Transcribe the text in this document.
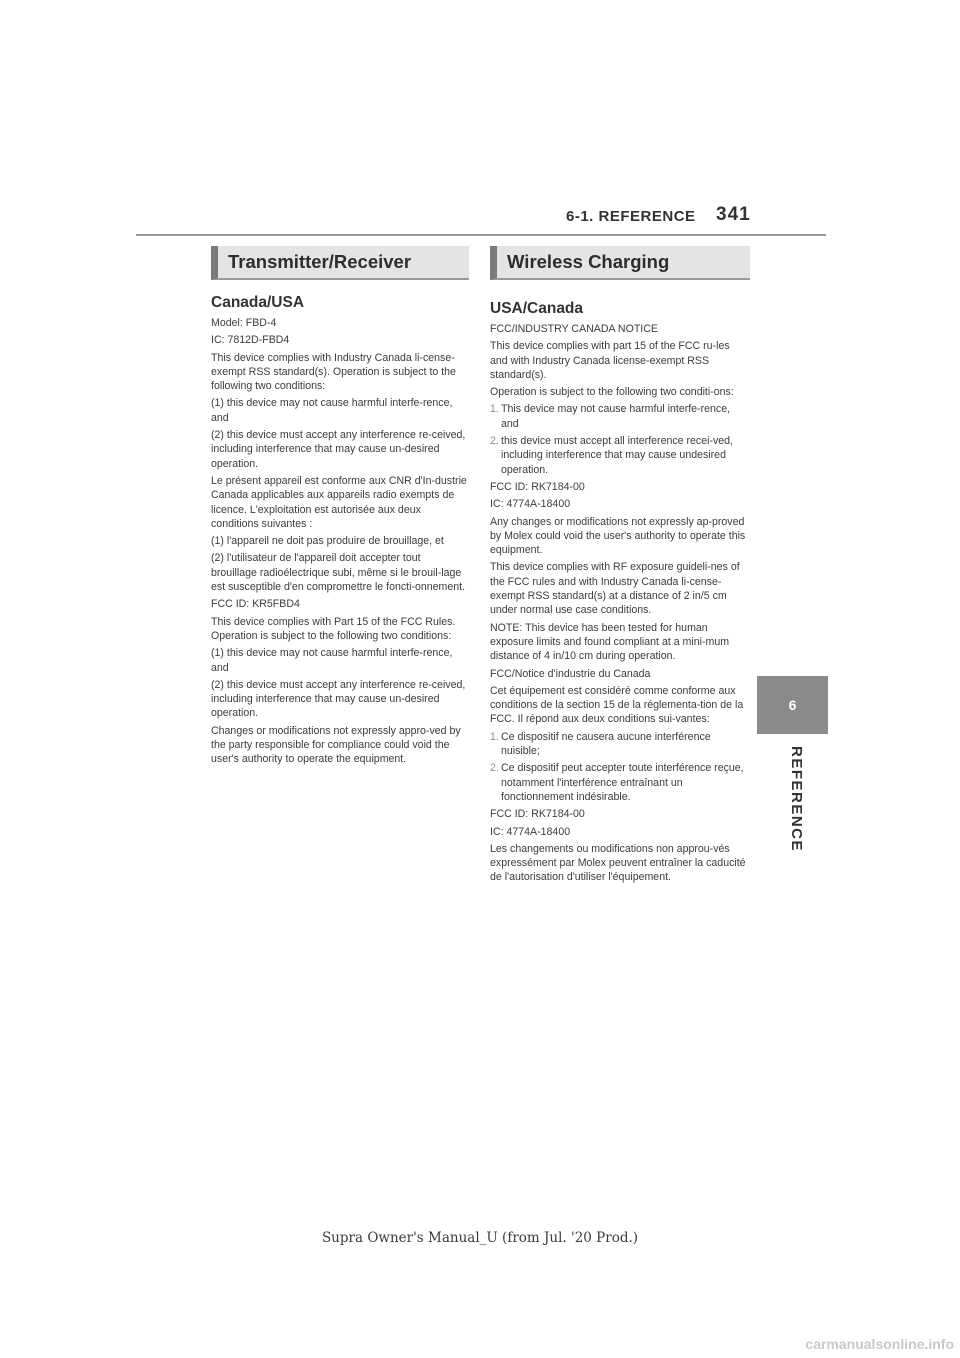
6-1. REFERENCE 341
6
REFERENCE
Transmitter/Receiver
Canada/USA

Model: FBD-4

IC: 7812D-FBD4

This device complies with Industry Canada li-cense-exempt RSS standard(s). Operation is subject to the following two conditions:

(1) this device may not cause harmful interfe-rence, and

(2) this device must accept any interference re-ceived, including interference that may cause un-desired operation.

Le présent appareil est conforme aux CNR d'In-dustrie Canada applicables aux appareils radio exempts de licence. L'exploitation est autorisée aux deux conditions suivantes :

(1) l'appareil ne doit pas produire de brouillage, et

(2) l'utilisateur de l'appareil doit accepter tout brouillage radioélectrique subi, même si le brouil-lage est susceptible d'en compromettre le foncti-onnement.

FCC ID: KR5FBD4

This device complies with Part 15 of the FCC Rules. Operation is subject to the following two conditions:

(1) this device may not cause harmful interfe-rence, and

(2) this device must accept any interference re-ceived, including interference that may cause un-desired operation.

Changes or modifications not expressly appro-ved by the party responsible for compliance could void the user's authority to operate the equipment.

Wireless Charging
USA/Canada

FCC/INDUSTRY CANADA NOTICE

This device complies with part 15 of the FCC ru-les and with Industry Canada license-exempt RSS standard(s).

Operation is subject to the following two conditi-ons:

1. This device may not cause harmful interfe-rence, and
2. this device must accept all interference recei-ved, including interference that may cause undesired operation.

FCC ID: RK7184-00

IC: 4774A-18400

Any changes or modifications not expressly ap-proved by Molex could void the user's authority to operate this equipment.

This device complies with RF exposure guideli-nes of the FCC rules and with Industry Canada li-cense-exempt RSS standard(s) at a distance of 2 in/5 cm under normal use case conditions.

NOTE: This device has been tested for human exposure limits and found compliant at a mini-mum distance of 4 in/10 cm during operation.

FCC/Notice d'industrie du Canada

Cet équipement est considéré comme conforme aux conditions de la section 15 de la réglementa-tion de la FCC. Il répond aux deux conditions sui-vantes:

1. Ce dispositif ne causera aucune interférence nuisible;
2. Ce dispositif peut accepter toute interférence reçue, notamment l'interférence entraînant un fonctionnement indésirable.

FCC ID: RK7184-00

IC: 4774A-18400

Les changements ou modifications non approu-vés expressément par Molex peuvent entraîner la caducité de l'autorisation d'utiliser l'équipement.

Supra Owner's Manual_U (from Jul. '20 Prod.)
carmanualsonline.info
